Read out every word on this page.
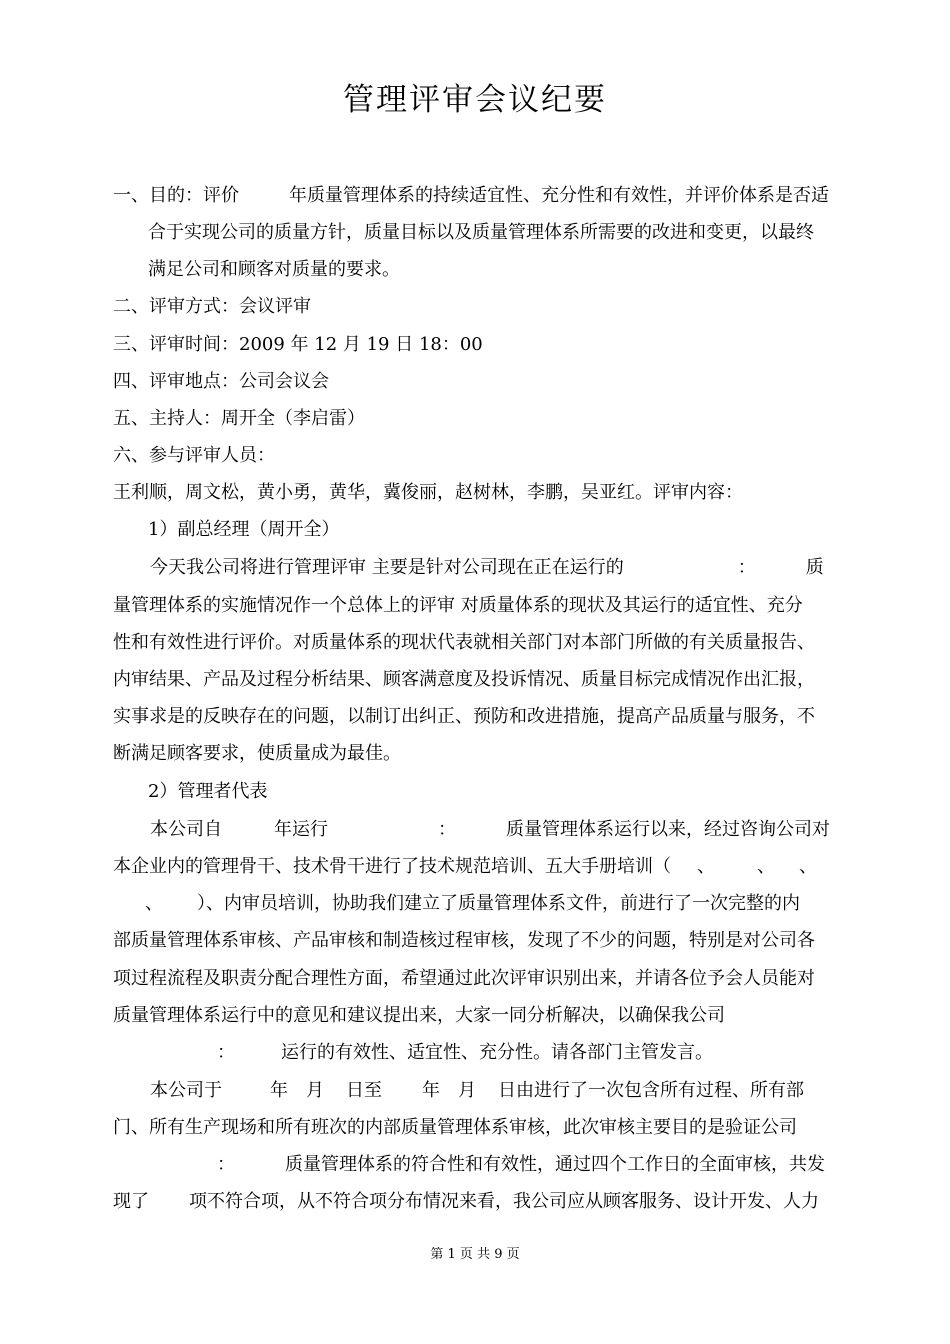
管理评审会议纪要
一、目的：评价	年质量管理体系的持续适宜性、充分性和有效性，并评价体系是否适
合于实现公司的质量方针，质量目标以及质量管理体系所需要的改进和变更，以最终
满足公司和顾客对质量的要求。
二、评审方式：会议评审
三、评审时间：2009 年 12 月 19 日 18：00
四、评审地点：公司会议会
五、主持人：周开全（李启雷）
六、参与评审人员：
王利顺，周文松，黄小勇，黄华，冀俊丽，赵树林，李鹏，吴亚红。评审内容：
1）副总经理（周开全）
今天我公司将进行管理评审 主要是针对公司现在正在运行的	：	质
量管理体系的实施情况作一个总体上的评审 对质量体系的现状及其运行的适宜性、充分
性和有效性进行评价。对质量体系的现状代表就相关部门对本部门所做的有关质量报告、
内审结果、产品及过程分析结果、顾客满意度及投诉情况、质量目标完成情况作出汇报，
实事求是的反映存在的问题，以制订出纠正、预防和改进措施，提高产品质量与服务，不
断满足顾客要求，使质量成为最佳。
2）管理者代表
本公司自	年运行	：	质量管理体系运行以来，经过咨询公司对
本企业内的管理骨干、技术骨干进行了技术规范培训、五大手册培训（ 、 、 、
、 ）、内审员培训，协助我们建立了质量管理体系文件，前进行了一次完整的内
部质量管理体系审核、产品审核和制造核过程审核，发现了不少的问题，特别是对公司各
项过程流程及职责分配合理性方面，希望通过此次评审识别出来，并请各位予会人员能对
质量管理体系运行中的意见和建议提出来，大家一同分析解决，以确保我公司
：	运行的有效性、适宜性、充分性。请各部门主管发言。
本公司于	年 月 日至 年 月 日由进行了一次包含所有过程、所有部
门、所有生产现场和所有班次的内部质量管理体系审核，此次审核主要目的是验证公司
：	质量管理体系的符合性和有效性，通过四个工作日的全面审核，共发
现了 项不符合项，从不符合项分布情况来看，我公司应从顾客服务、设计开发、人力
第 1 页 共 9 页
